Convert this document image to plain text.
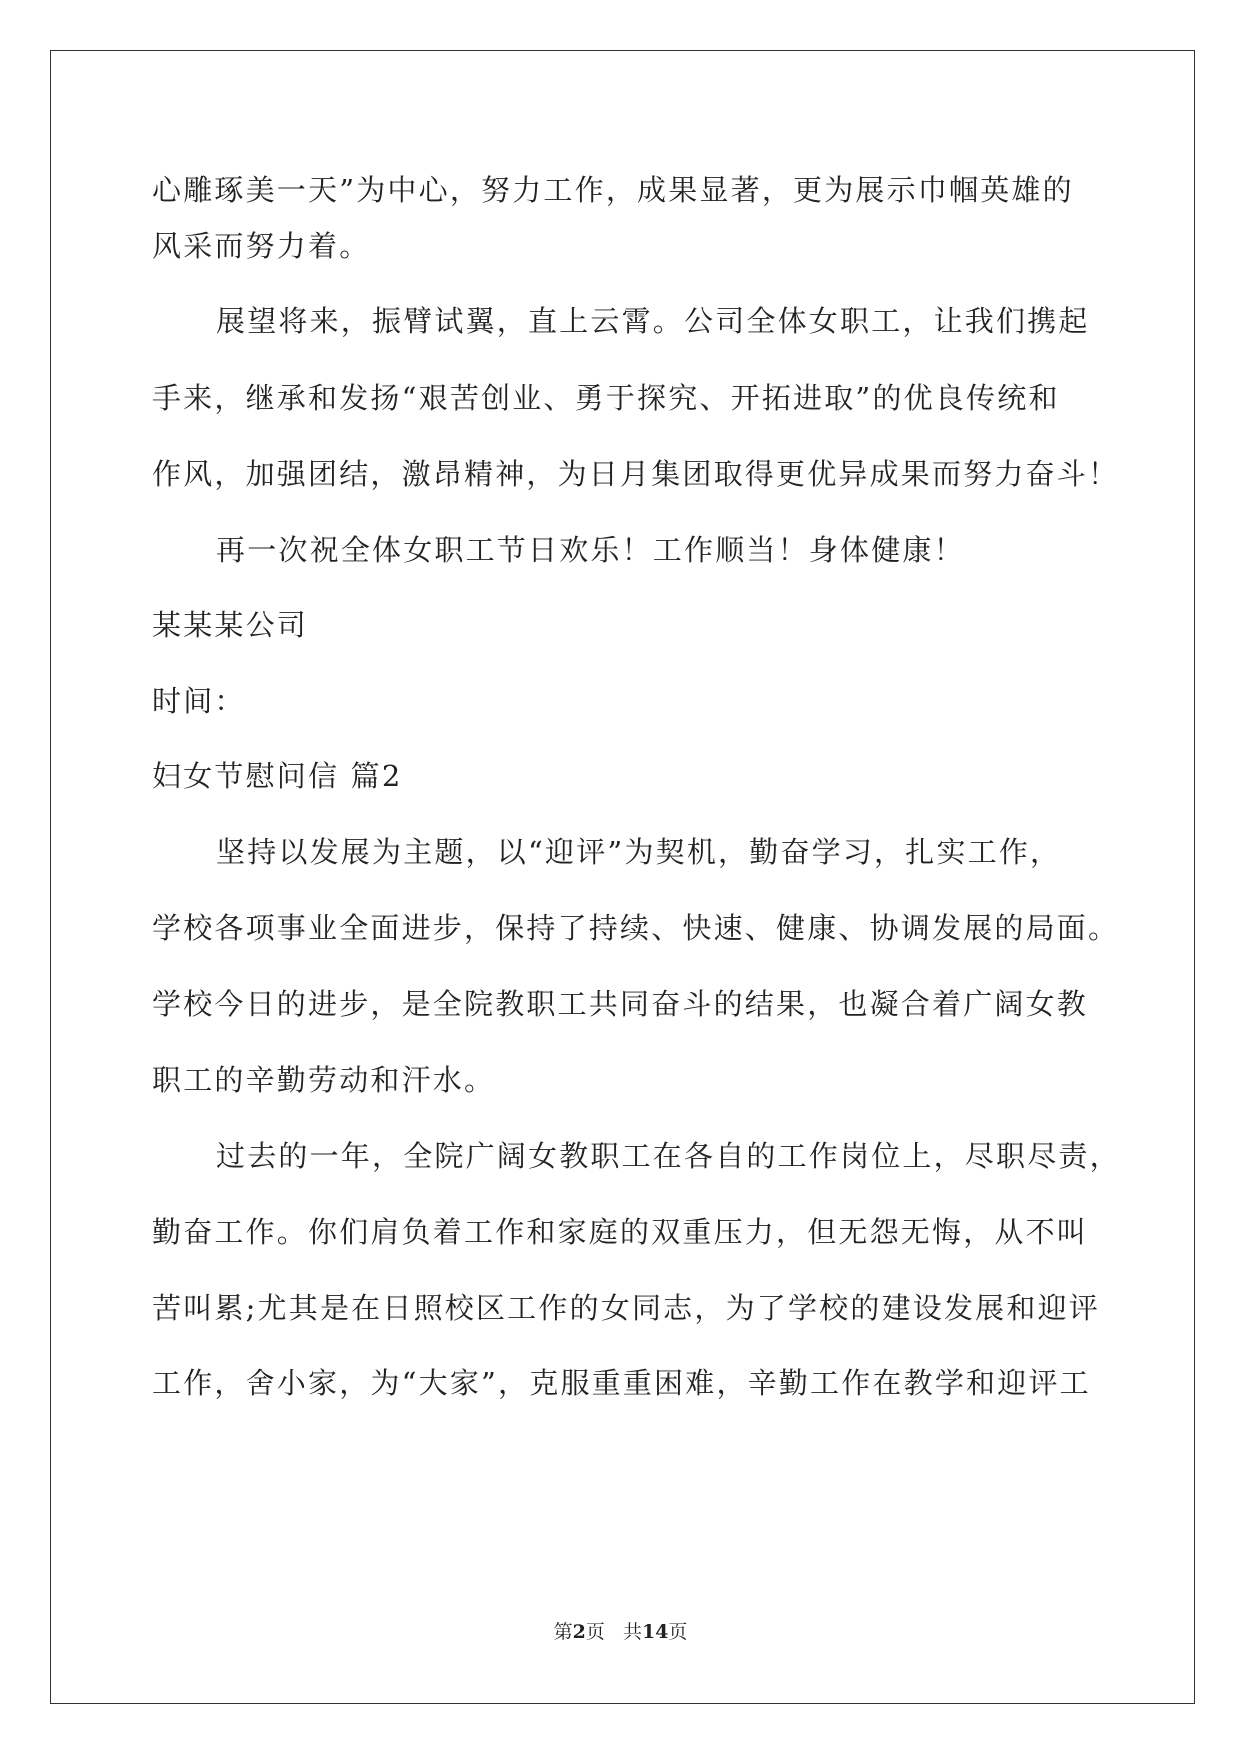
心雕琢美一天”为中心，努力工作，成果显著，更为展示巾帼英雄的
风采而努力着。
展望将来，振臂试翼，直上云霄。公司全体女职工，让我们携起
手来，继承和发扬“艰苦创业、勇于探究、开拓进取”的优良传统和
作风，加强团结，激昂精神，为日月集团取得更优异成果而努力奋斗！
再一次祝全体女职工节日欢乐！工作顺当！身体健康！
某某某公司
时间：
妇女节慰问信 篇2
坚持以发展为主题，以“迎评”为契机，勤奋学习，扎实工作，
学校各项事业全面进步，保持了持续、快速、健康、协调发展的局面。
学校今日的进步，是全院教职工共同奋斗的结果，也凝合着广阔女教
职工的辛勤劳动和汗水。
过去的一年，全院广阔女教职工在各自的工作岗位上，尽职尽责，
勤奋工作。你们肩负着工作和家庭的双重压力，但无怨无悔，从不叫
苦叫累;尤其是在日照校区工作的女同志，为了学校的建设发展和迎评
工作，舍小家，为“大家”，克服重重困难，辛勤工作在教学和迎评工
第2页 共14页
